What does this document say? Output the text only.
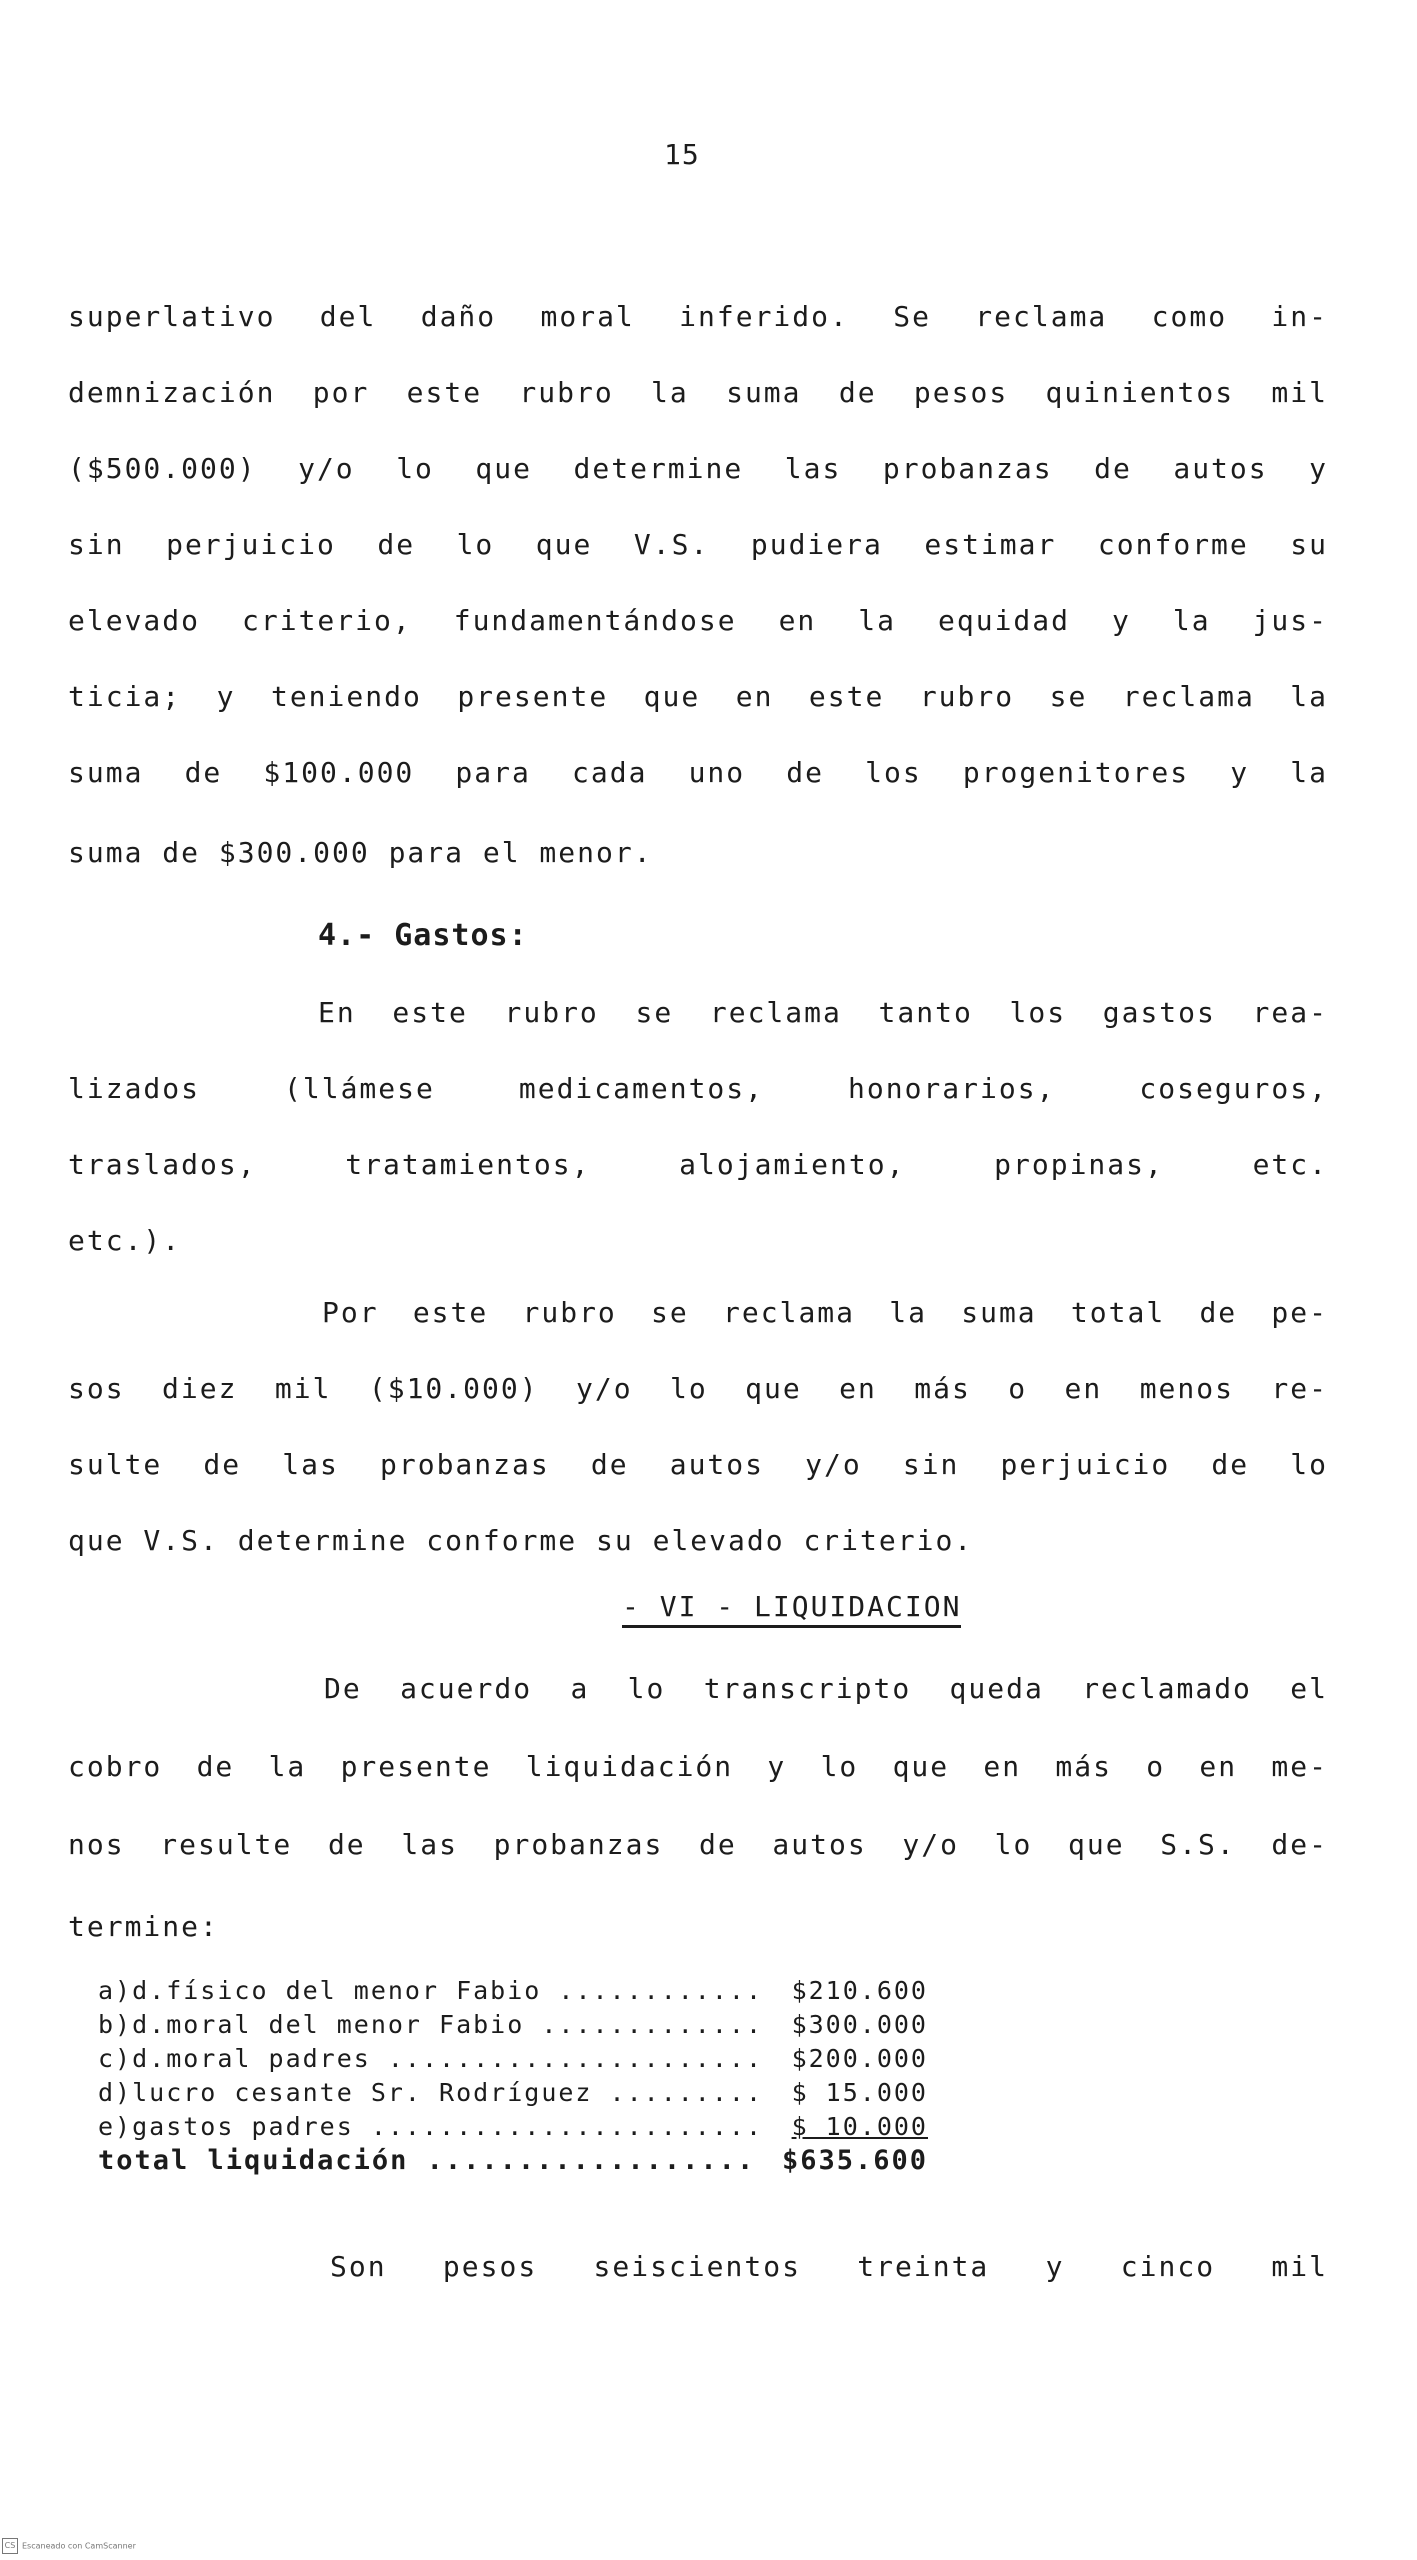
15
superlativo del daño moral inferido. Se reclama como in-
demnización por este rubro la suma de pesos quinientos mil
($500.000) y/o lo que determine las probanzas de autos y
sin perjuicio de lo que V.S. pudiera estimar conforme su
elevado criterio, fundamentándose en la equidad y la jus-
ticia; y teniendo presente que en este rubro se reclama la
suma de $100.000 para cada uno de los progenitores y la
suma de $300.000 para el menor.
4.- Gastos:
En este rubro se reclama tanto los gastos rea-
lizados (llámese medicamentos, honorarios, coseguros,
traslados, tratamientos, alojamiento, propinas, etc.
etc.).
Por este rubro se reclama la suma total de pe-
sos diez mil ($10.000) y/o lo que en más o en menos re-
sulte de las probanzas de autos y/o sin perjuicio de lo
que V.S. determine conforme su elevado criterio.
- VI - LIQUIDACION
De acuerdo a lo transcripto queda reclamado el
cobro de la presente liquidación y lo que en más o en me-
nos resulte de las probanzas de autos y/o lo que S.S. de-
termine:
a)d.físico del menor Fabio .....	$210.600
b)d.moral del menor Fabio .....	$300.000
c)d.moral padres .....	$200.000
d)lucro cesante Sr. Rodríguez .....	$ 15.000
e)gastos padres .....	$ 10.000
total liquidación .....	$635.600
Son pesos seiscientos treinta y cinco mil
CS Escaneado con CamScanner
